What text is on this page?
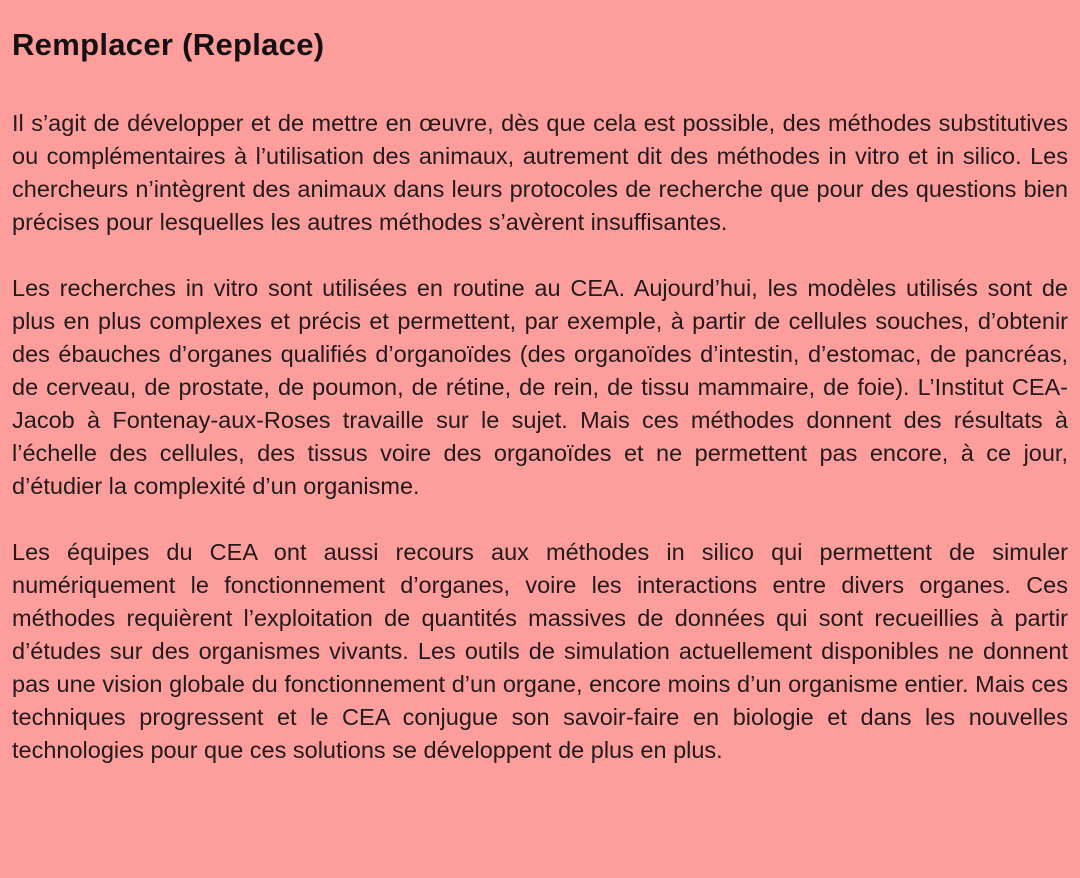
Remplacer (Replace)

Il s’agit de développer et de mettre en œuvre, dès que cela est possible, des méthodes substitutives ou complémentaires à l’utilisation des animaux, autrement dit des méthodes in vitro et in silico. Les chercheurs n’intègrent des animaux dans leurs protocoles de recherche que pour des questions bien précises pour lesquelles les autres méthodes s’avèrent insuffisantes.

Les recherches in vitro sont utilisées en routine au CEA. Aujourd’hui, les modèles utilisés sont de plus en plus complexes et précis et permettent, par exemple, à partir de cellules souches, d’obtenir des ébauches d’organes qualifiés d’organoïdes (des organoïdes d’intestin, d’estomac, de pancréas, de cerveau, de prostate, de poumon, de rétine, de rein, de tissu mammaire, de foie). L’Institut CEA-Jacob à Fontenay-aux-Roses travaille sur le sujet. Mais ces méthodes donnent des résultats à l’échelle des cellules, des tissus voire des organoïdes et ne permettent pas encore, à ce jour, d’étudier la complexité d’un organisme.

Les équipes du CEA ont aussi recours aux méthodes in silico qui permettent de simuler numériquement le fonctionnement d’organes, voire les interactions entre divers organes. Ces méthodes requièrent l’exploitation de quantités massives de données qui sont recueillies à partir d’études sur des organismes vivants. Les outils de simulation actuellement disponibles ne donnent pas une vision globale du fonctionnement d’un organe, encore moins d’un organisme entier. Mais ces techniques progressent et le CEA conjugue son savoir-faire en biologie et dans les nouvelles technologies pour que ces solutions se développent de plus en plus.
